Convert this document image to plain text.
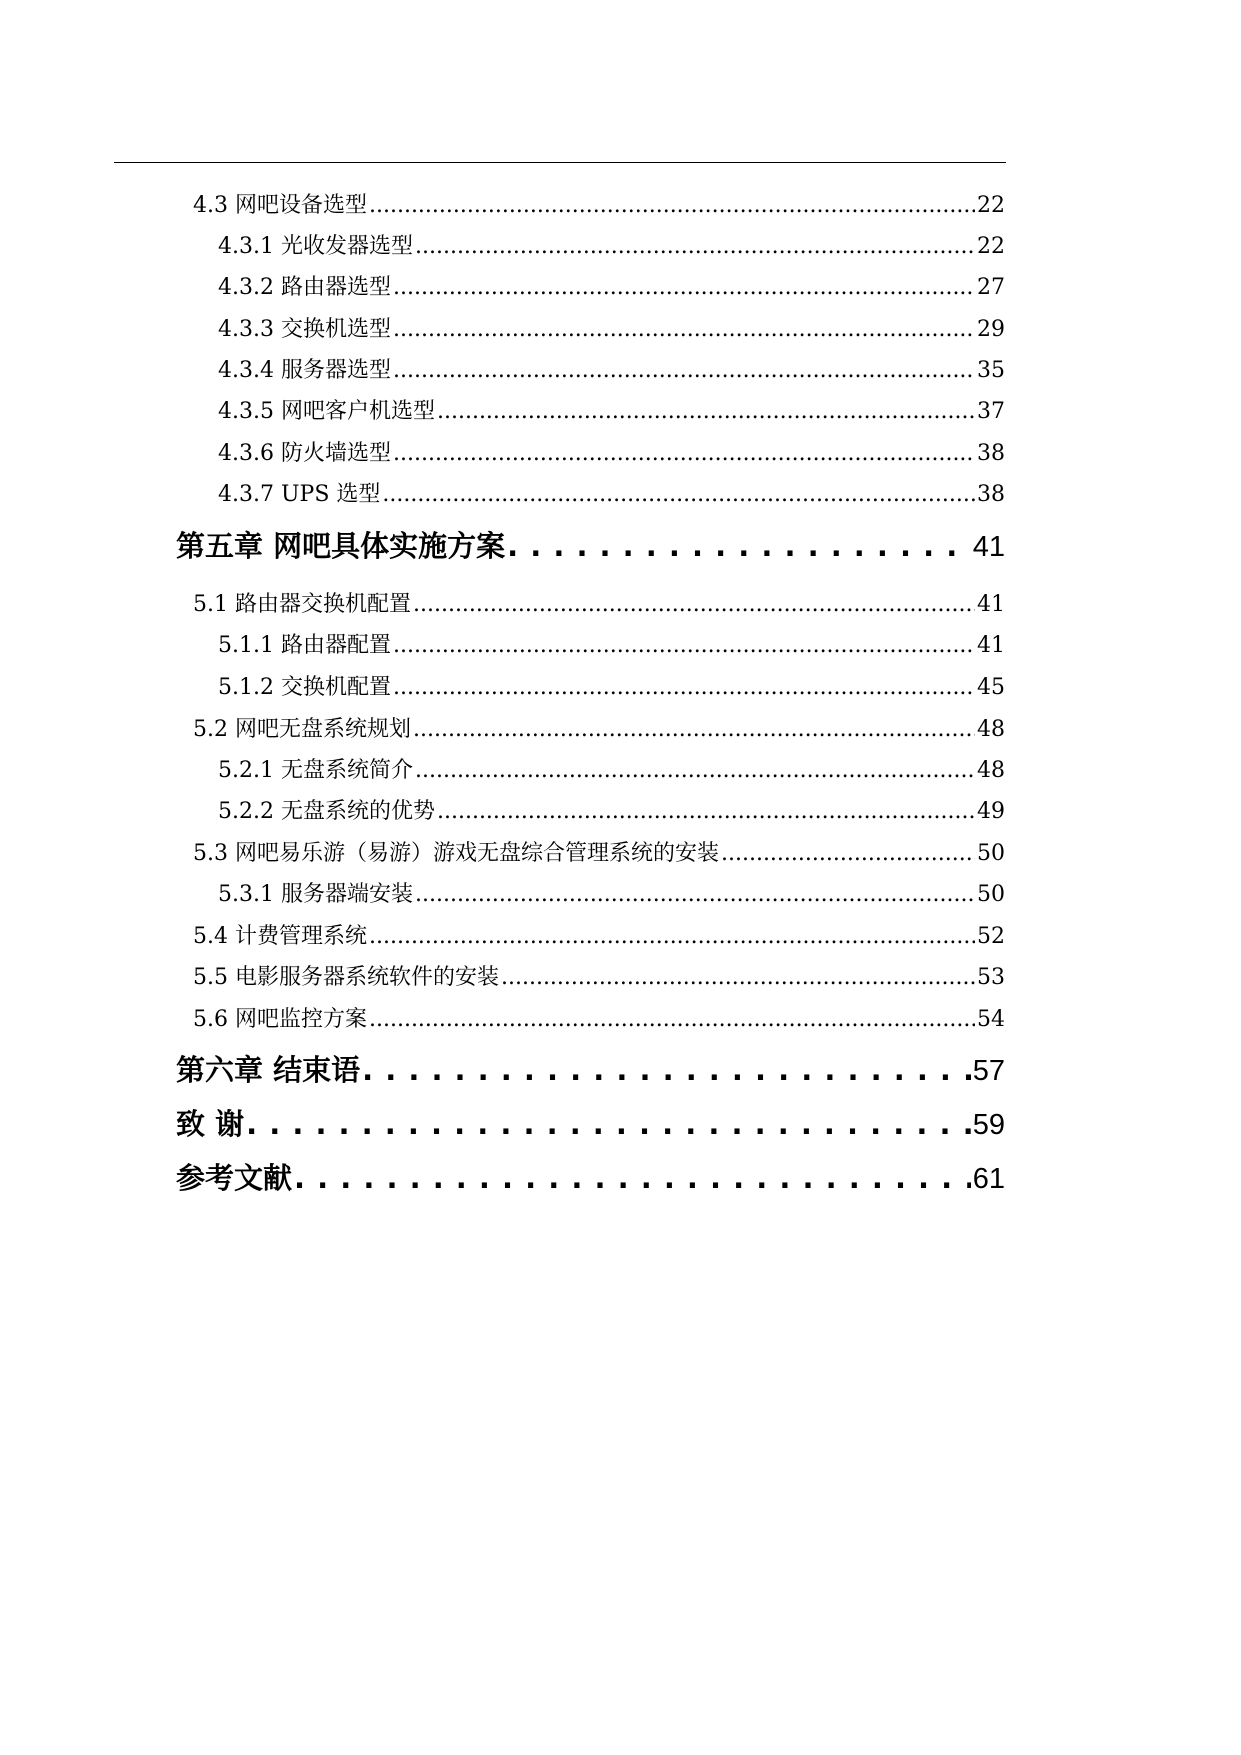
4.3 网吧设备选型 .....	22
4.3.1 光收发器选型 .....	22
4.3.2 路由器选型 .....	27
4.3.3 交换机选型 .....	29
4.3.4 服务器选型 .....	35
4.3.5 网吧客户机选型 .....	37
4.3.6 防火墙选型 .....	38
4.3.7 UPS 选型 .....	38
第五章 网吧具体实施方案 . . .	41
5.1 路由器交换机配置 .....	41
5.1.1 路由器配置 .....	41
5.1.2 交换机配置 .....	45
5.2 网吧无盘系统规划 .....	48
5.2.1 无盘系统简介 .....	48
5.2.2 无盘系统的优势 .....	49
5.3 网吧易乐游（易游）游戏无盘综合管理系统的安装 .....	50
5.3.1 服务器端安装 .....	50
5.4 计费管理系统 .....	52
5.5 电影服务器系统软件的安装 .....	53
5.6 网吧监控方案 .....	54
第六章 结束语 . . .	57
致 谢 . . .	59
参考文献 . . .	61
